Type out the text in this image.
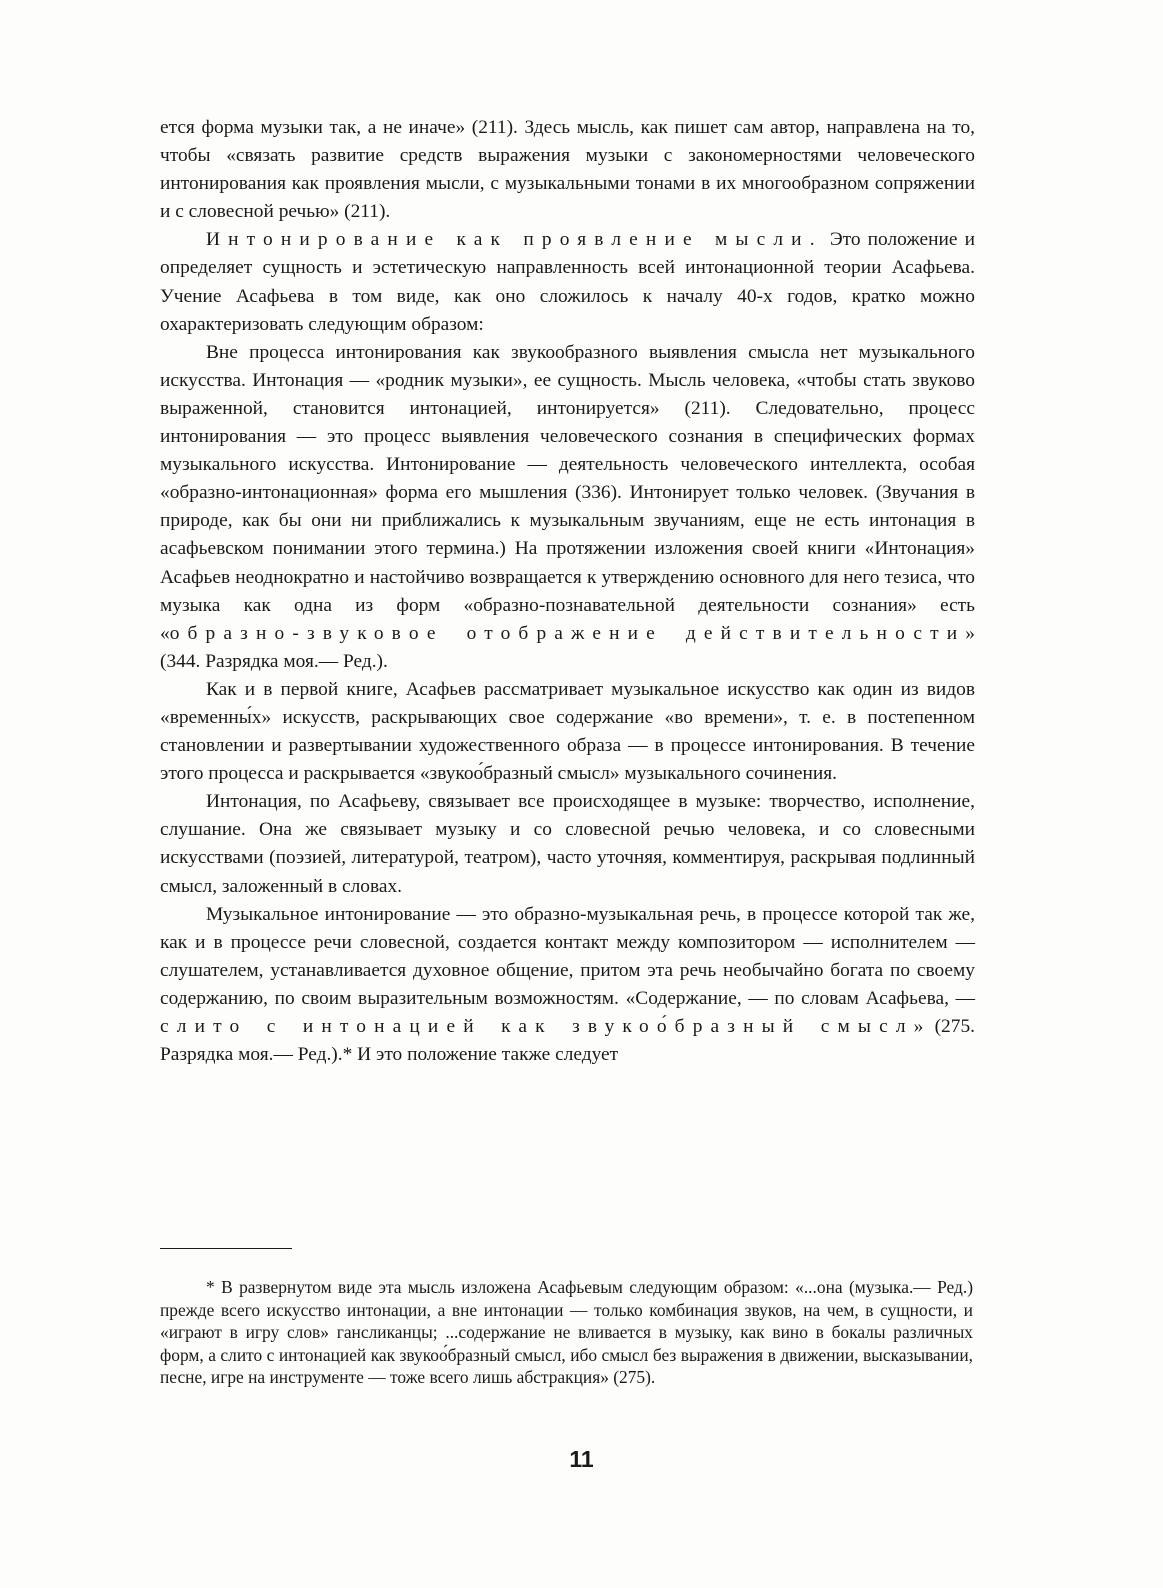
ется форма музыки так, а не иначе» (211). Здесь мысль, как пишет сам автор, направлена на то, чтобы «связать развитие средств выражения музыки с закономерностями человеческого интонирования как проявления мысли, с музыкальными тонами в их многообразном сопряжении и с словесной речью» (211).

Интонирование как проявление мысли. Это положение и определяет сущность и эстетическую направленность всей интонационной теории Асафьева. Учение Асафьева в том виде, как оно сложилось к началу 40-х годов, кратко можно охарактеризовать следующим образом:

Вне процесса интонирования как звукообразного выявления смысла нет музыкального искусства. Интонация — «родник музыки», ее сущность. Мысль человека, «чтобы стать звуково выраженной, становится интонацией, интонируется» (211). Следовательно, процесс интонирования — это процесс выявления человеческого сознания в специфических формах музыкального искусства. Интонирование — деятельность человеческого интеллекта, особая «образно-интонационная» форма его мышления (336). Интонирует только человек. (Звучания в природе, как бы они ни приближались к музыкальным звучаниям, еще не есть интонация в асафьевском понимании этого термина.) На протяжении изложения своей книги «Интонация» Асафьев неоднократно и настойчиво возвращается к утверждению основного для него тезиса, что музыка как одна из форм «образно-познавательной деятельности сознания» есть «образно-звуковое отображение действительности» (344. Разрядка моя.— Ред.).

Как и в первой книге, Асафьев рассматривает музыкальное искусство как один из видов «временны́х» искусств, раскрывающих свое содержание «во времени», т. е. в постепенном становлении и развертывании художественного образа — в процессе интонирования. В течение этого процесса и раскрывается «звукоо́бразный смысл» музыкального сочинения.

Интонация, по Асафьеву, связывает все происходящее в музыке: творчество, исполнение, слушание. Она же связывает музыку и со словесной речью человека, и со словесными искусствами (поэзией, литературой, театром), часто уточняя, комментируя, раскрывая подлинный смысл, заложенный в словах.

Музыкальное интонирование — это образно-музыкальная речь, в процессе которой так же, как и в процессе речи словесной, создается контакт между композитором — исполнителем — слушателем, устанавливается духовное общение, притом эта речь необычайно богата по своему содержанию, по своим выразительным возможностям. «Содержание, — по словам Асафьева, — слито с интонацией как звукоо́бразный смысл» (275. Разрядка моя.— Ред.).* И это положение также следует

* В развернутом виде эта мысль изложена Асафьевым следующим образом: «...она (музыка.— Ред.) прежде всего искусство интонации, а вне интонации — только комбинация звуков, на чем, в сущности, и «играют в игру слов» гансликанцы; ...содержание не вливается в музыку, как вино в бокалы различных форм, а слито с интонацией как звукоо́бразный смысл, ибо смысл без выражения в движении, высказывании, песне, игре на инструменте — тоже всего лишь абстракция» (275).

11
